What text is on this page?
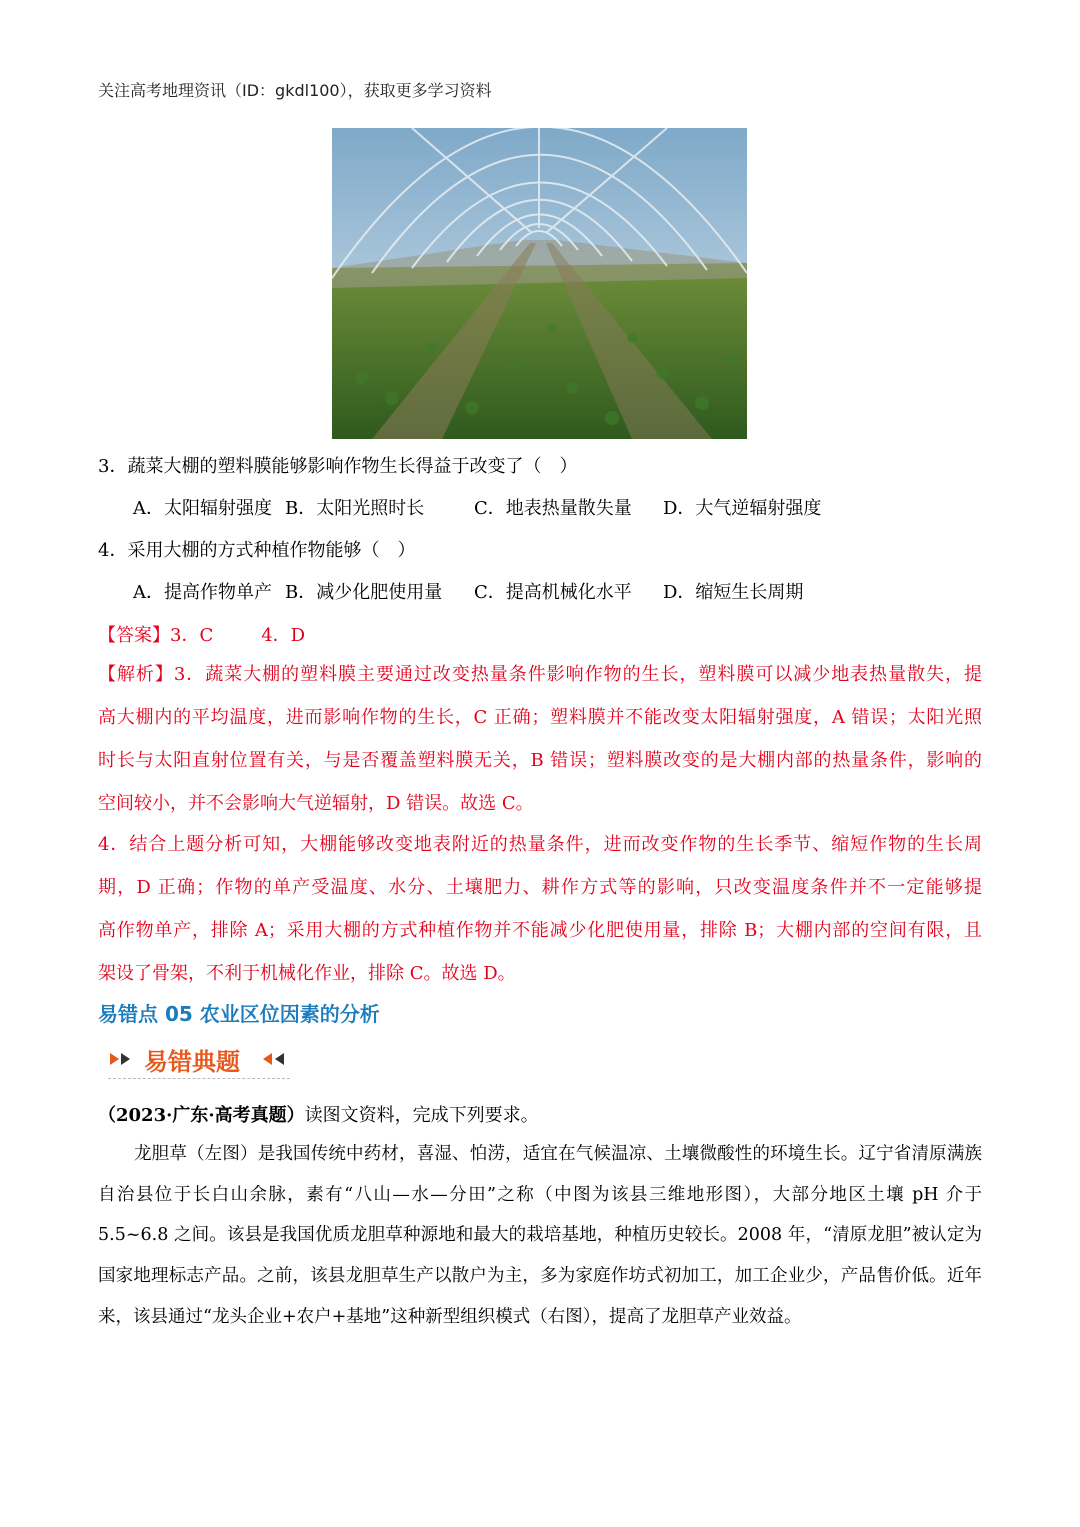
关注高考地理资讯（ID：gkdl100），获取更多学习资料
3．蔬菜大棚的塑料膜能够影响作物生长得益于改变了（　）
A．太阳辐射强度 B．太阳光照时长	C．地表热量散失量 D．大气逆辐射强度
4．采用大棚的方式种植作物能够（　）
A．提高作物单产 B．减少化肥使用量 C．提高机械化水平 D．缩短生长周期
【答案】3．C	4．D
【解析】3．蔬菜大棚的塑料膜主要通过改变热量条件影响作物的生长，塑料膜可以减少地表热量散失，提
高大棚内的平均温度，进而影响作物的生长，C 正确；塑料膜并不能改变太阳辐射强度，A 错误；太阳光照
时长与太阳直射位置有关，与是否覆盖塑料膜无关，B 错误；塑料膜改变的是大棚内部的热量条件，影响的
空间较小，并不会影响大气逆辐射，D 错误。故选 C。
4．结合上题分析可知，大棚能够改变地表附近的热量条件，进而改变作物的生长季节、缩短作物的生长周
期，D 正确；作物的单产受温度、水分、土壤肥力、耕作方式等的影响，只改变温度条件并不一定能够提
高作物单产，排除 A；采用大棚的方式种植作物并不能减少化肥使用量，排除 B；大棚内部的空间有限，且
架设了骨架，不利于机械化作业，排除 C。故选 D。
易错点 05 农业区位因素的分析
易错典题
（2023·广东·高考真题）读图文资料，完成下列要求。
龙胆草（左图）是我国传统中药材，喜湿、怕涝，适宜在气候温凉、土壤微酸性的环境生长。辽宁省清原满族自治县位于长白山余脉，素有“八山—水—分田”之称（中图为该县三维地形图），大部分地区土壤 pH 介于 5.5~6.8 之间。该县是我国优质龙胆草种源地和最大的栽培基地，种植历史较长。2008 年，“清原龙胆”被认定为国家地理标志产品。之前，该县龙胆草生产以散户为主，多为家庭作坊式初加工，加工企业少，产品售价低。近年来，该县通过“龙头企业+农户+基地”这种新型组织模式（右图），提高了龙胆草产业效益。
